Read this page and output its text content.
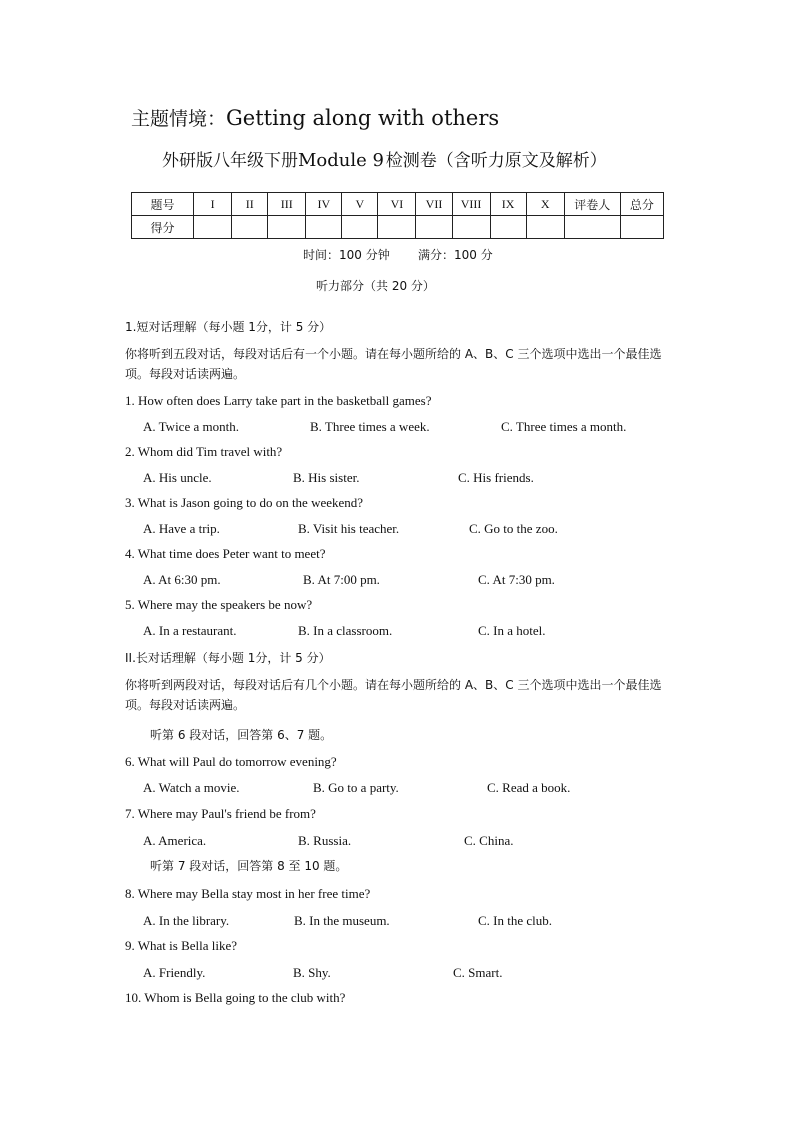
主题情境：Getting along with others
外研版八年级下册Module 9  检测卷（含听力原文及解析）
题号	I	II	III	IV	V	VI	VII	VIII	IX	X	评卷人	总分
得分												
时间：100 分钟 满分：100 分
听力部分（共 20 分）
1.短对话理解（每小题 1分，计 5 分）
你将听到五段对话，每段对话后有一个小题。请在每小题所给的 A、B、C 三个选项中选出一个最佳选项。每段对话读两遍。
1. How often does Larry take part in the basketball games?
A. Twice a month.	B. Three times a week.	C. Three times a month.
2. Whom did Tim travel with?
A. His uncle.	B. His sister.	C. His friends.
3. What is Jason going to do on the weekend?
A. Have a trip.	B. Visit his teacher.	C. Go to the zoo.
4. What time does Peter want to meet?
A. At 6:30 pm.	B. At 7:00 pm.	C. At 7:30 pm.
5. Where may the speakers be now?
A. In a restaurant.	B. In a classroom.	C. In a hotel.
II.长对话理解（每小题 1分，计 5 分）
你将听到两段对话，每段对话后有几个小题。请在每小题所给的 A、B、C 三个选项中选出一个最佳选项。每段对话读两遍。
听第 6 段对话，回答第 6、7 题。
6. What will Paul do tomorrow evening?
A. Watch a movie.	B. Go to a party.	C. Read a book.
7. Where may Paul's friend be from?
A. America.	B. Russia.	C. China.
听第 7 段对话，回答第 8 至 10 题。
8. Where may Bella stay most in her free time?
A. In the library.	B. In the museum.	C. In the club.
9. What is Bella like?
A. Friendly.	B. Shy.	C. Smart.
10. Whom is Bella going to the club with?
